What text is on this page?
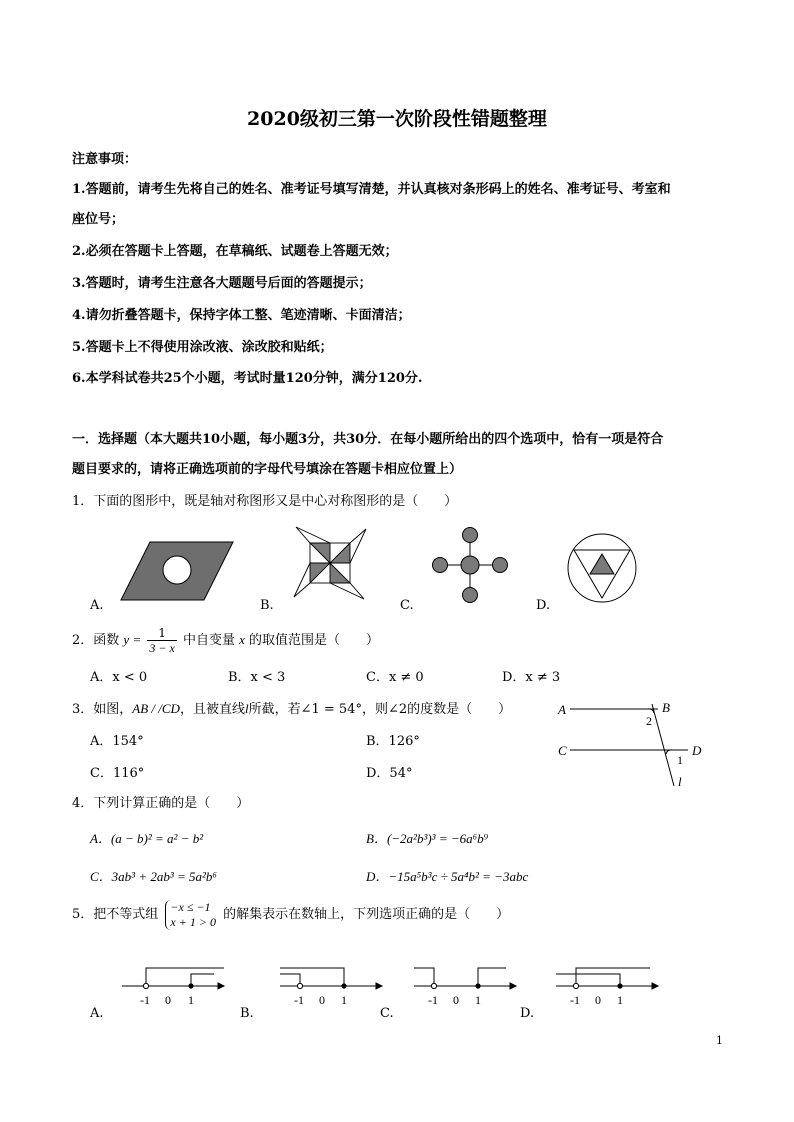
2020级初三第一次阶段性错题整理
注意事项：
1.答题前，请考生先将自己的姓名、准考证号填写清楚，并认真核对条形码上的姓名、准考证号、考室和
座位号；
2.必须在答题卡上答题，在草稿纸、试题卷上答题无效；
3.答题时，请考生注意各大题题号后面的答题提示；
4.请勿折叠答题卡，保持字体工整、笔迹清晰、卡面清洁；
5.答题卡上不得使用涂改液、涂改胶和贴纸；
6.本学科试卷共25个小题，考试时量120分钟，满分120分.
一．选择题（本大题共10小题，每小题3分，共30分．在每小题所给出的四个选项中，恰有一项是符合
题目要求的，请将正确选项前的字母代号填涂在答题卡相应位置上）
1．下面的图形中，既是轴对称图形又是中心对称图形的是（　　）
A.	B.	C.	D.
2．函数 $y = \frac{1}{3 - x}$ 中自变量 x 的取值范围是（　　）
A．x < 0	B．x < 3	C．x ≠ 0	D．x ≠ 3
3．如图，AB / /CD，且被直线l所截，若∠1 = 54°，则∠2的度数是（　　）
A．154°	B．126°
C．116°	D．54°
A	B
C	D
2
1
l
4．下列计算正确的是（　　）
A．(a − b)² = a² − b²	B．(−2a²b³)³ = −6a⁶b⁹
C．3ab³ + 2ab³ = 5a²b⁶	D．−15a⁵b³c ÷ 5a⁴b² = −3abc
5．把不等式组
−x ≤ −1
x + 1 > 0 的解集表示在数轴上，下列选项正确的是（　　）
-1 0 1	-1 0 1	-1 0 1	-1 0 1
A.	B.	C.	D.
1
